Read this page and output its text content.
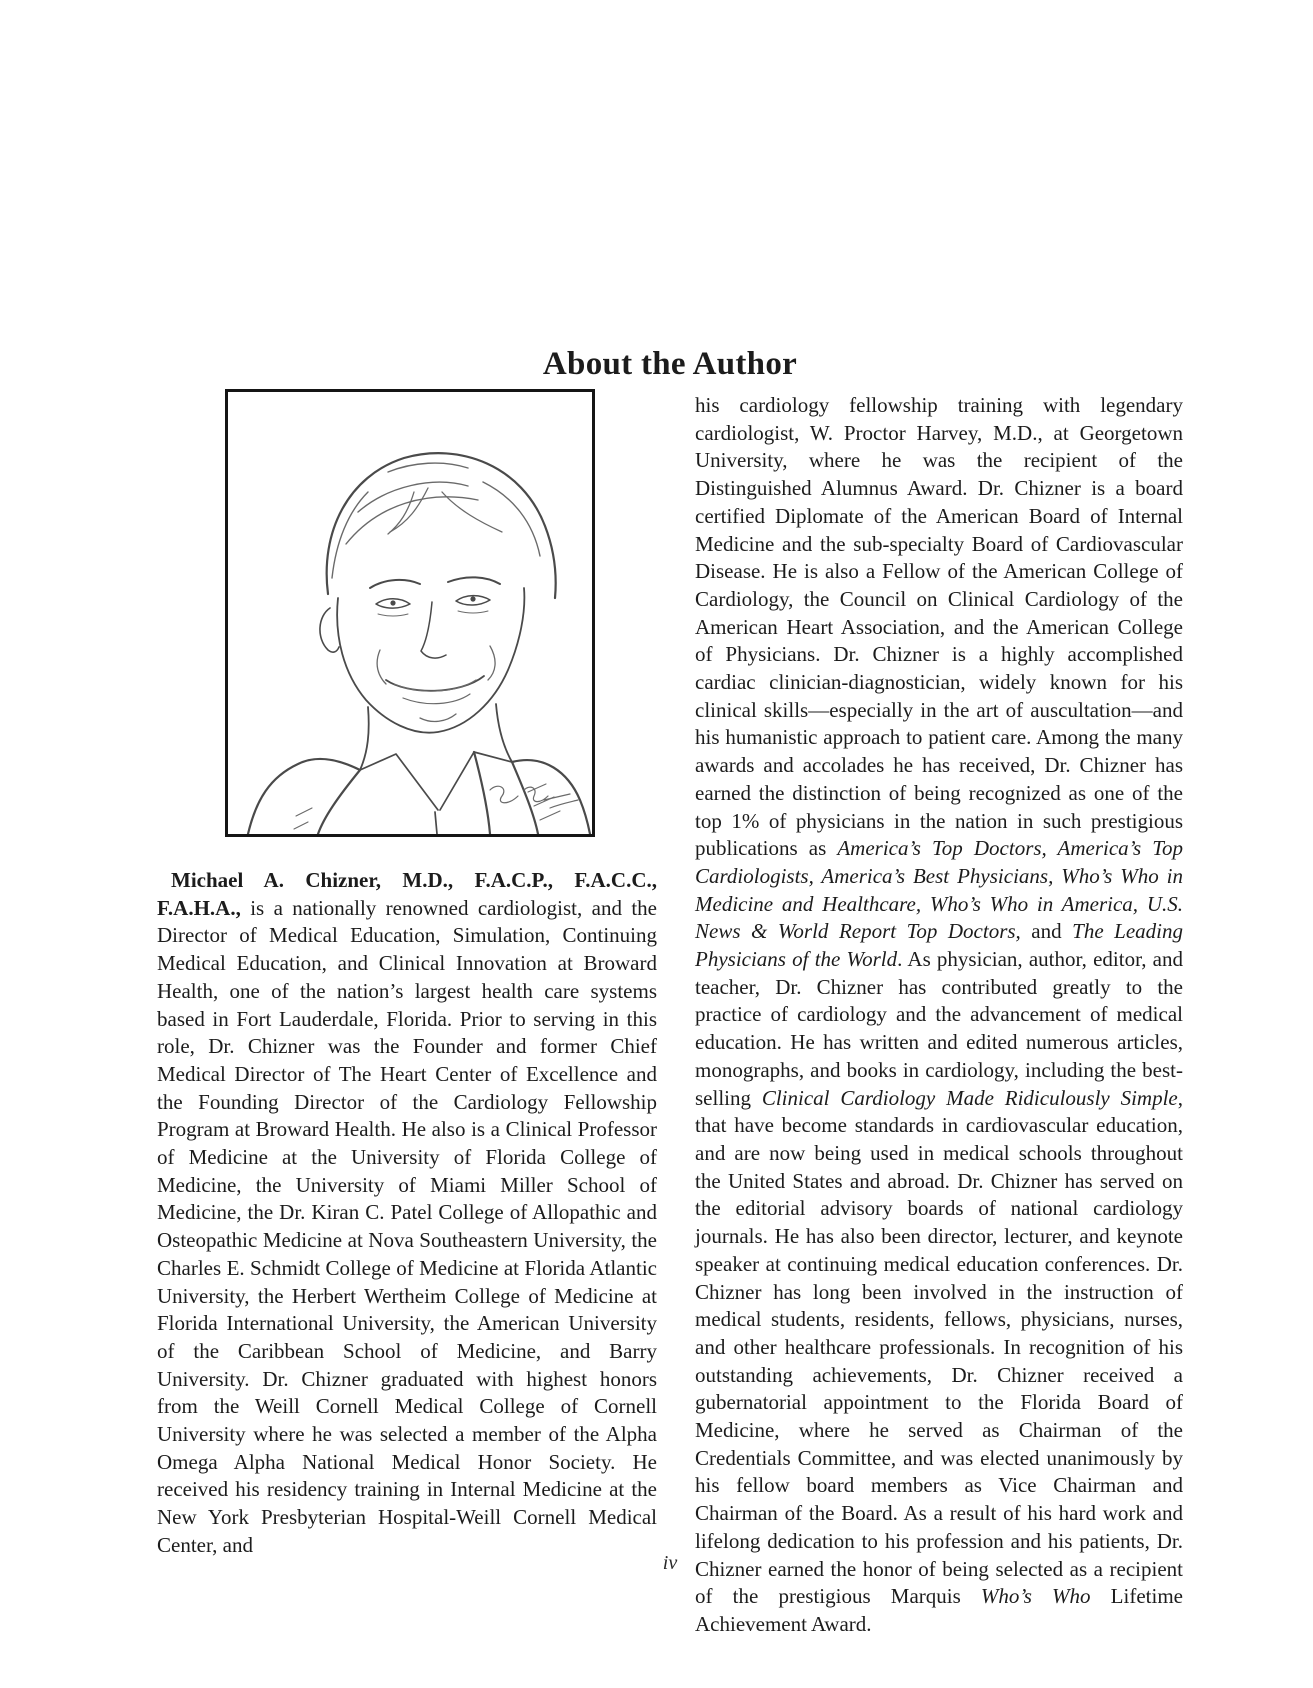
About the Author

Michael A. Chizner, M.D., F.A.C.P., F.A.C.C., F.A.H.A., is a nationally renowned cardiologist, and the Director of Medical Education, Simulation, Continuing Medical Education, and Clinical Innovation at Broward Health, one of the nation’s largest health care systems based in Fort Lauderdale, Florida. Prior to serving in this role, Dr. Chizner was the Founder and former Chief Medical Director of The Heart Center of Excellence and the Founding Director of the Cardiology Fellowship Program at Broward Health. He also is a Clinical Professor of Medicine at the University of Florida College of Medicine, the University of Miami Miller School of Medicine, the Dr. Kiran C. Patel College of Allopathic and Osteopathic Medicine at Nova Southeastern University, the Charles E. Schmidt College of Medicine at Florida Atlantic University, the Herbert Wertheim College of Medicine at Florida International University, the American University of the Caribbean School of Medicine, and Barry University. Dr. Chizner graduated with highest honors from the Weill Cornell Medical College of Cornell University where he was selected a member of the Alpha Omega Alpha National Medical Honor Society. He received his residency training in Internal Medicine at the New York Presbyterian Hospital-Weill Cornell Medical Center, and

his cardiology fellowship training with legendary cardiologist, W. Proctor Harvey, M.D., at Georgetown University, where he was the recipient of the Distinguished Alumnus Award. Dr. Chizner is a board certified Diplomate of the American Board of Internal Medicine and the sub-specialty Board of Cardiovascular Disease. He is also a Fellow of the American College of Cardiology, the Council on Clinical Cardiology of the American Heart Association, and the American College of Physicians. Dr. Chizner is a highly accomplished cardiac clinician-diagnostician, widely known for his clinical skills—especially in the art of auscultation—and his humanistic approach to patient care. Among the many awards and accolades he has received, Dr. Chizner has earned the distinction of being recognized as one of the top 1% of physicians in the nation in such prestigious publications as America’s Top Doctors, America’s Top Cardiologists, America’s Best Physicians, Who’s Who in Medicine and Healthcare, Who’s Who in America, U.S. News & World Report Top Doctors, and The Leading Physicians of the World. As physician, author, editor, and teacher, Dr. Chizner has contributed greatly to the practice of cardiology and the advancement of medical education. He has written and edited numerous articles, monographs, and books in cardiology, including the best-selling Clinical Cardiology Made Ridiculously Simple, that have become standards in cardiovascular education, and are now being used in medical schools throughout the United States and abroad. Dr. Chizner has served on the editorial advisory boards of national cardiology journals. He has also been director, lecturer, and keynote speaker at continuing medical education conferences. Dr. Chizner has long been involved in the instruction of medical students, residents, fellows, physicians, nurses, and other healthcare professionals. In recognition of his outstanding achievements, Dr. Chizner received a gubernatorial appointment to the Florida Board of Medicine, where he served as Chairman of the Credentials Committee, and was elected unanimously by his fellow board members as Vice Chairman and Chairman of the Board. As a result of his hard work and lifelong dedication to his profession and his patients, Dr. Chizner earned the honor of being selected as a recipient of the prestigious Marquis Who’s Who Lifetime Achievement Award.

iv
